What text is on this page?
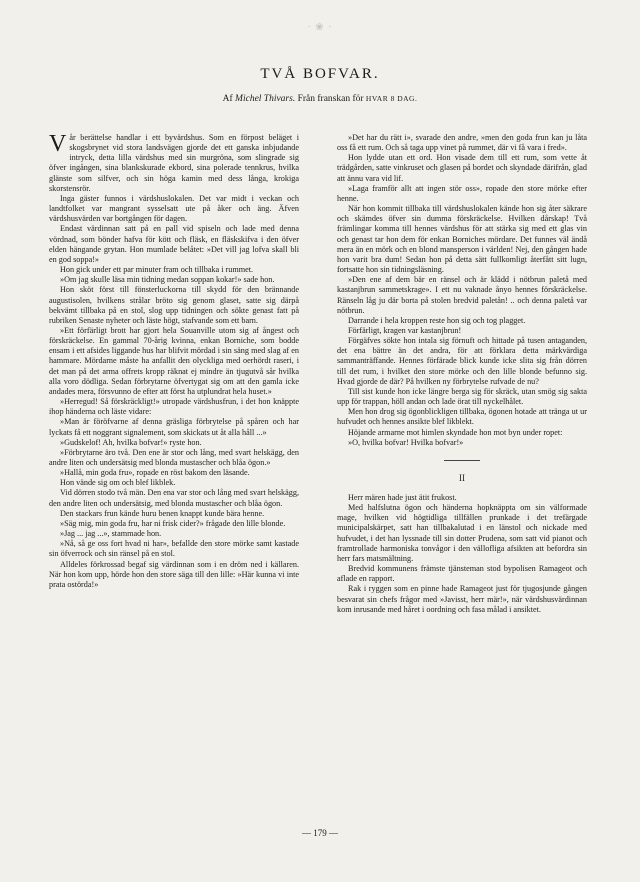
· ❀ ·
TVÅ BOFVAR.
Af Michel Thivars. Från franskan för HVAR 8 DAG.

Vår berättelse handlar i ett byvärdshus. Som en förpost beläget i skogsbrynet vid stora landsvägen gjorde det ett ganska inbjudande intryck, detta lilla värdshus med sin murgröna, som slingrade sig öfver ingången, sina blankskurade ekbord, sina polerade tennkrus, hvilka glänste som silfver, och sin höga kamin med dess långa, krokiga skorstensrör.

Inga gäster funnos i värdshuslokalen. Det var midt i veckan och landtfolket var mangrant sysselsatt ute på åker och äng. Äfven värdshusvärden var bortgången för dagen.

Endast värdinnan satt på en pall vid spiseln och lade med denna vördnad, som bönder hafva för kött och fläsk, en fläskskifva i den öfver elden hängande grytan. Hon mumlade belåtet: »Det vill jag lofva skall bli en god soppa!»

Hon gick under ett par minuter fram och tillbaka i rummet.

»Om jag skulle läsa min tidning medan soppan kokar!» sade hon.

Hon sköt först till fönsterluckorna till skydd för den brännande augustisolen, hvilkens strålar bröto sig genom glaset, satte sig därpå bekvämt tillbaka på en stol, slog upp tidningen och sökte genast fatt på rubriken Senaste nyheter och läste högt, stafvande som ett barn.

»Ett förfärligt brott har gjort hela Souanville utom sig af ångest och förskräckelse. En gammal 70-årig kvinna, enkan Borniche, som bodde ensam i ett afsides liggande hus har blifvit mördad i sin säng med slag af en hammare. Mördarne måste ha anfallit den olyckliga med oerhördt raseri, i det man på det arma offrets kropp räknat ej mindre än tjugutvå sår hvilka alla voro dödliga. Sedan förbrytarne öfvertygat sig om att den gamla icke andades mera, försvunno de efter att först ha utplundrat hela huset.»

»Herregud! Så förskräckligt!» utropade värdshusfrun, i det hon knäppte ihop händerna och läste vidare:

»Man är föröfvarne af denna gräsliga förbrytelse på spåren och har lyckats få ett noggrant signalement, som skickats ut åt alla håll ...»

»Gudskelof! Ah, hvilka bofvar!» ryste hon.

»Förbrytarne äro två. Den ene är stor och lång, med svart helskägg, den andre liten och undersätsig med blonda mustascher och blåa ögon.»

»Hallå, min goda fru», ropade en röst bakom den läsande.

Hon vände sig om och blef likblek.

Vid dörren stodo två män. Den ena var stor och lång med svart helskägg, den andre liten och undersätsig, med blonda mustascher och blåa ögon.

Den stackars frun kände huru benen knappt kunde bära henne.

»Säg mig, min goda fru, har ni frisk cider?» frågade den lille blonde.

»Jag ... jag ...», stammade hon.

»Nå, så ge oss fort hvad ni har», befallde den store mörke samt kastade sin öfverrock och sin ränsel på en stol.

Alldeles förkrossad begaf sig värdinnan som i en dröm ned i källaren. När hon kom upp, hörde hon den store säga till den lille: »Här kunna vi inte prata ostörda!»

»Det har du rätt i», svarade den andre, »men den goda frun kan ju låta oss få ett rum. Och så taga upp vinet på rummet, där vi få vara i fred».

Hon lydde utan ett ord. Hon visade dem till ett rum, som vette åt trädgården, satte vinkruset och glasen på bordet och skyndade därifrån, glad att ännu vara vid lif.

»Laga framför allt att ingen stör oss», ropade den store mörke efter henne.

När hon kommit tillbaka till värdshuslokalen kände hon sig åter säkrare och skämdes öfver sin dumma förskräckelse. Hvilken dårskap! Två främlingar komma till hennes värdshus för att stärka sig med ett glas vin och genast tar hon dem för enkan Borniches mördare. Det funnes väl ändå mera än en mörk och en blond mansperson i världen! Nej, den gången hade hon varit bra dum! Sedan hon på detta sätt fullkomligt återfått sitt lugn, fortsatte hon sin tidningsläsning.

»Den ene af dem bär en ränsel och är klädd i nötbrun paletå med kastanjbrun sammetskrage». I ett nu vaknade ånyo hennes förskräckelse. Ränseln låg ju där borta på stolen bredvid paletån! .. och denna paletå var nötbrun.

Darrande i hela kroppen reste hon sig och tog plagget.

Förfärligt, kragen var kastanjbrun!

Förgäfves sökte hon intala sig förnuft och hittade på tusen antaganden, det ena bättre än det andra, för att förklara detta märkvärdiga sammanträffande. Hennes förfärade blick kunde icke slita sig från dörren till det rum, i hvilket den store mörke och den lille blonde befunno sig. Hvad gjorde de där? På hvilken ny förbrytelse rufvade de nu?

Till sist kunde hon icke längre berga sig för skräck, utan smög sig sakta upp för trappan, höll andan och lade örat till nyckelhålet.

Men hon drog sig ögonblickligen tillbaka, ögonen hotade att tränga ut ur hufvudet och hennes ansikte blef likblekt.

Höjande armarne mot himlen skyndade hon mot byn under ropet:

»O, hvilka bofvar! Hvilka bofvar!»

II

Herr mären hade just ätit frukost.

Med halfslutna ögon och händerna hopknäppta om sin välformade mage, hvilken vid högtidliga tillfällen prunkade i det trefärgade municipalskärpet, satt han tillbakalutad i en länstol och nickade med hufvudet, i det han lyssnade till sin dotter Prudena, som satt vid pianot och framtrollade harmoniska tonvågor i den vällofliga afsikten att befordra sin herr fars matsmältning.

Bredvid kommunens främste tjänsteman stod bypolisen Ramageot och aflade en rapport.

Rak i ryggen som en pinne hade Ramageot just för tjugosjunde gången besvarat sin chefs frågor med »Javisst, herr mär!», när värdshusvärdinnan kom inrusande med håret i oordning och fasa målad i ansiktet.

— 179 —
